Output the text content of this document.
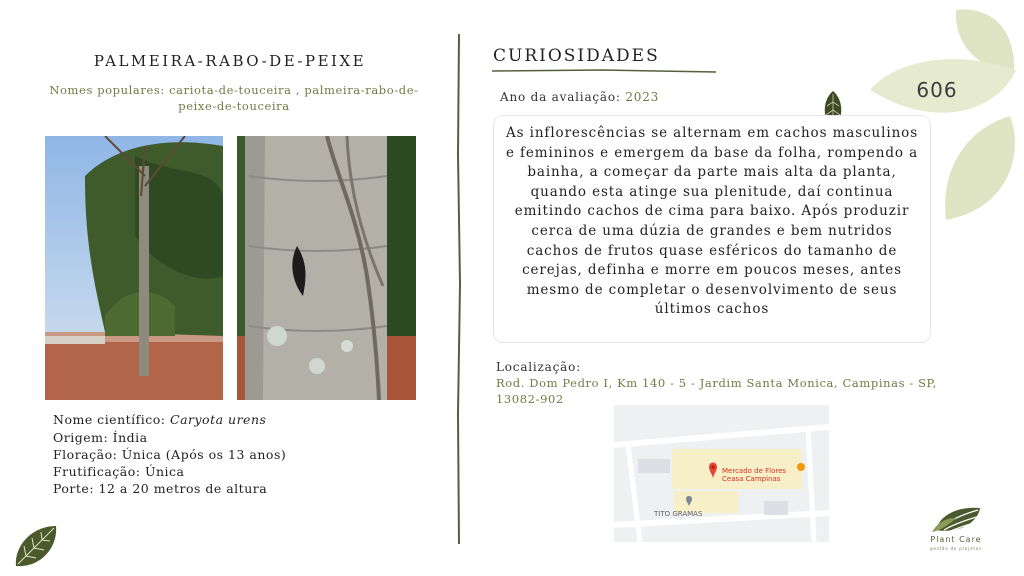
606
PALMEIRA-RABO-DE-PEIXE
Nomes populares: cariota-de-touceira , palmeira-rabo-de-peixe-de-touceira
Nome científico: Caryota urens
Origem: Índia
Floração: Única (Após os 13 anos)
Frutificação: Única
Porte: 12 a 20 metros de altura
CURIOSIDADES
Ano da avaliação: 2023
As inflorescências se alternam em cachos masculinos e femininos e emergem da base da folha, rompendo a bainha, a começar da parte mais alta da planta, quando esta atinge sua plenitude, daí continua emitindo cachos de cima para baixo. Após produzir cerca de uma dúzia de grandes e bem nutridos cachos de frutos quase esféricos do tamanho de cerejas, definha e morre em poucos meses, antes mesmo de completar o desenvolvimento de seus últimos cachos
Localização:
Rod. Dom Pedro I, Km 140 - 5 - Jardim Santa Monica, Campinas - SP, 13082-902
Mercado de Flores
Ceasa Campinas
TITO GRAMAS
Plant Care
gestão de projetos
